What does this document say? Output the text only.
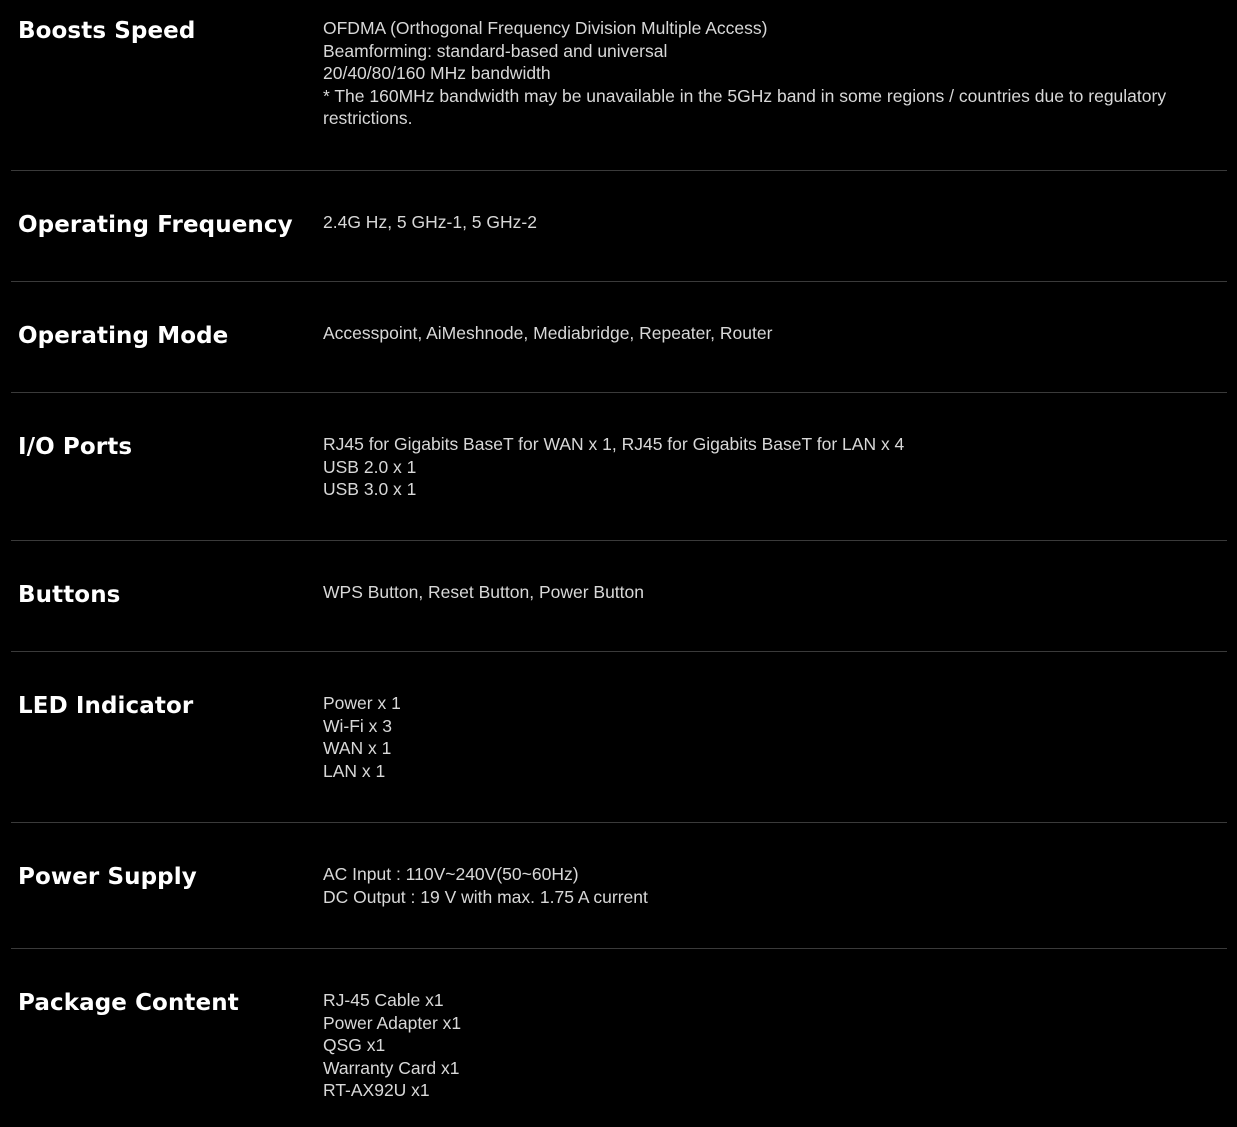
Boosts Speed	OFDMA (Orthogonal Frequency Division Multiple Access)
Beamforming: standard-based and universal
20/40/80/160 MHz bandwidth
* The 160MHz bandwidth may be unavailable in the 5GHz band in some regions / countries due to regulatory restrictions.
Operating Frequency	2.4G Hz, 5 GHz-1, 5 GHz-2
Operating Mode	Accesspoint, AiMeshnode, Mediabridge, Repeater, Router
I/O Ports	RJ45 for Gigabits BaseT for WAN x 1, RJ45 for Gigabits BaseT for LAN x 4
USB 2.0 x 1
USB 3.0 x 1
Buttons	WPS Button, Reset Button, Power Button
LED Indicator	Power x 1
Wi-Fi x 3
WAN x 1
LAN x 1
Power Supply	AC Input : 110V~240V(50~60Hz)
DC Output : 19 V with max. 1.75 A current
Package Content	RJ-45 Cable x1
Power Adapter x1
QSG x1
Warranty Card x1
RT-AX92U x1
